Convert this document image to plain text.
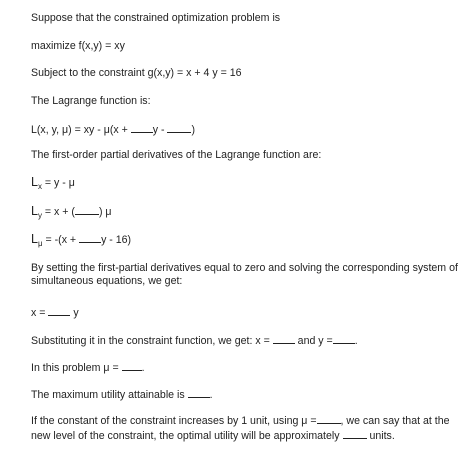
Suppose that the constrained optimization problem is
maximize f(x,y) = xy
Subject to the constraint g(x,y) = x + 4 y = 16
The Lagrange function is:
L(x, y, μ) = xy - μ(x + y - )
The first-order partial derivatives of the Lagrange function are:
$L_x = y - \mu$
$L_y = x$ + ( ) μ
$L_\mu = -(x + y - 16)$
By setting the first-partial derivatives equal to zero and solving the corresponding system of simultaneous equations, we get:
x =  y
Substituting it in the constraint function, we get: x =  and y = .
In this problem μ = .
The maximum utility attainable is .
If the constant of the constraint increases by 1 unit, using μ = , we can say that at the new level of the constraint, the optimal utility will be approximately  units.
